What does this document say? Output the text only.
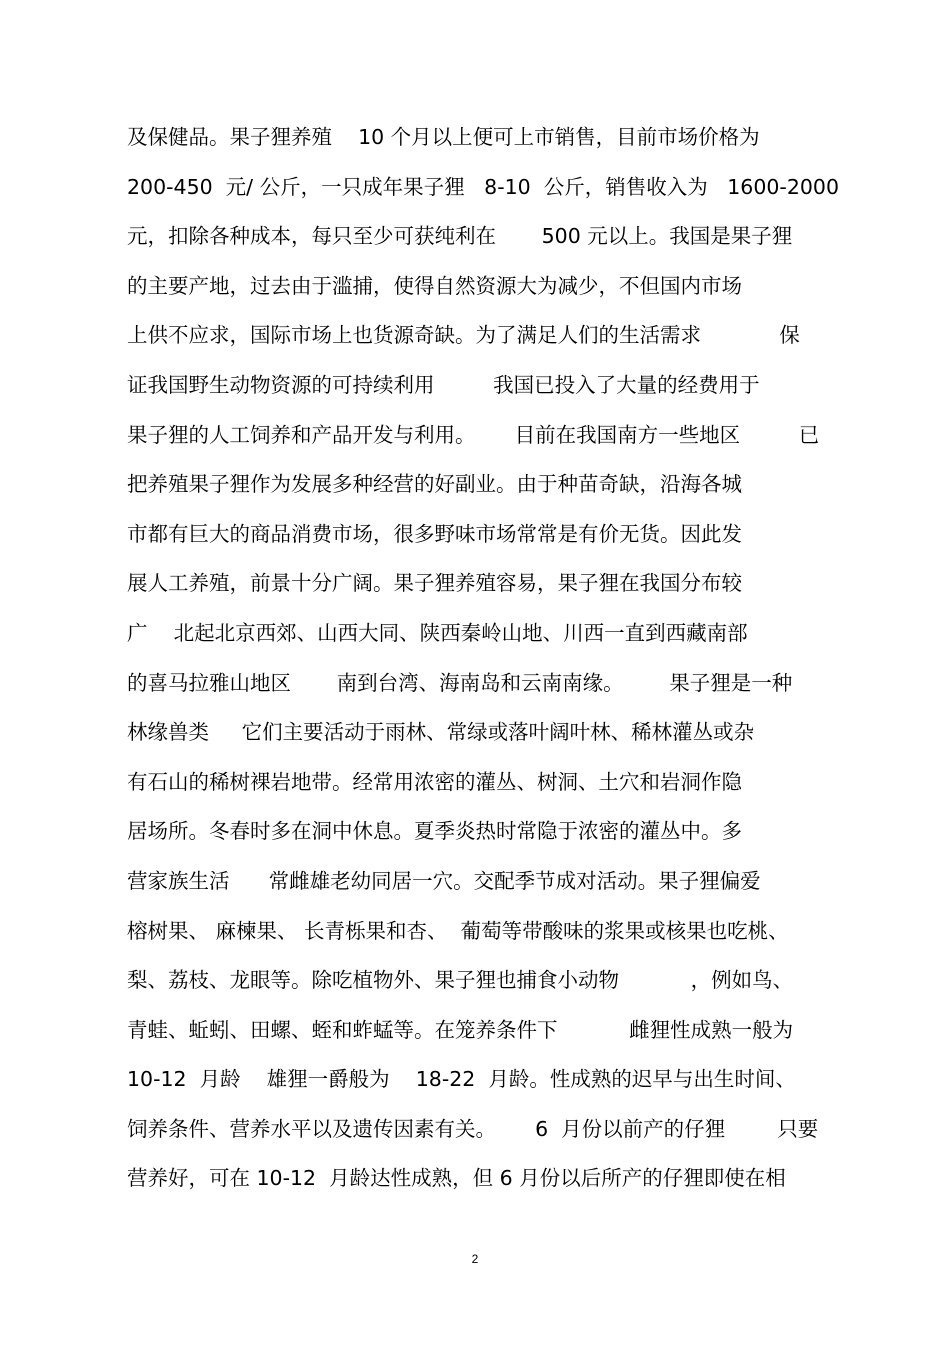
及保健品。果子狸养殖    10 个月以上便可上市销售，目前市场价格为
200-450  元/ 公斤，一只成年果子狸   8-10  公斤，销售收入为   1600-2000
元，扣除各种成本，每只至少可获纯利在       500 元以上。我国是果子狸
的主要产地，过去由于滥捕，使得自然资源大为减少，不但国内市场
上供不应求，国际市场上也货源奇缺。为了满足人们的生活需求            保
证我国野生动物资源的可持续利用         我国已投入了大量的经费用于
果子狸的人工饲养和产品开发与利用。      目前在我国南方一些地区         已
把养殖果子狸作为发展多种经营的好副业。由于种苗奇缺，沿海各城
市都有巨大的商品消费市场，很多野味市场常常是有价无货。因此发
展人工养殖，前景十分广阔。果子狸养殖容易，果子狸在我国分布较
广    北起北京西郊、山西大同、陕西秦岭山地、川西一直到西藏南部
的喜马拉雅山地区       南到台湾、海南岛和云南南缘。       果子狸是一种
林缘兽类     它们主要活动于雨林、常绿或落叶阔叶林、稀林灌丛或杂
有石山的稀树裸岩地带。经常用浓密的灌丛、树洞、土穴和岩洞作隐
居场所。冬春时多在洞中休息。夏季炎热时常隐于浓密的灌丛中。多
营家族生活      常雌雄老幼同居一穴。交配季节成对活动。果子狸偏爱
榕树果、 麻楝果、 长青栎果和杏、  葡萄等带酸味的浆果或核果也吃桃、
梨、荔枝、龙眼等。除吃植物外、果子狸也捕食小动物           ，例如鸟、
青蛙、蚯蚓、田螺、蛭和蚱蜢等。在笼养条件下           雌狸性成熟一般为
10-12  月龄    雄狸一爵般为    18-22  月龄。性成熟的迟早与出生时间、
饲养条件、营养水平以及遗传因素有关。      6  月份以前产的仔狸        只要
营养好，可在 10-12  月龄达性成熟，但 6 月份以后所产的仔狸即使在相
2
